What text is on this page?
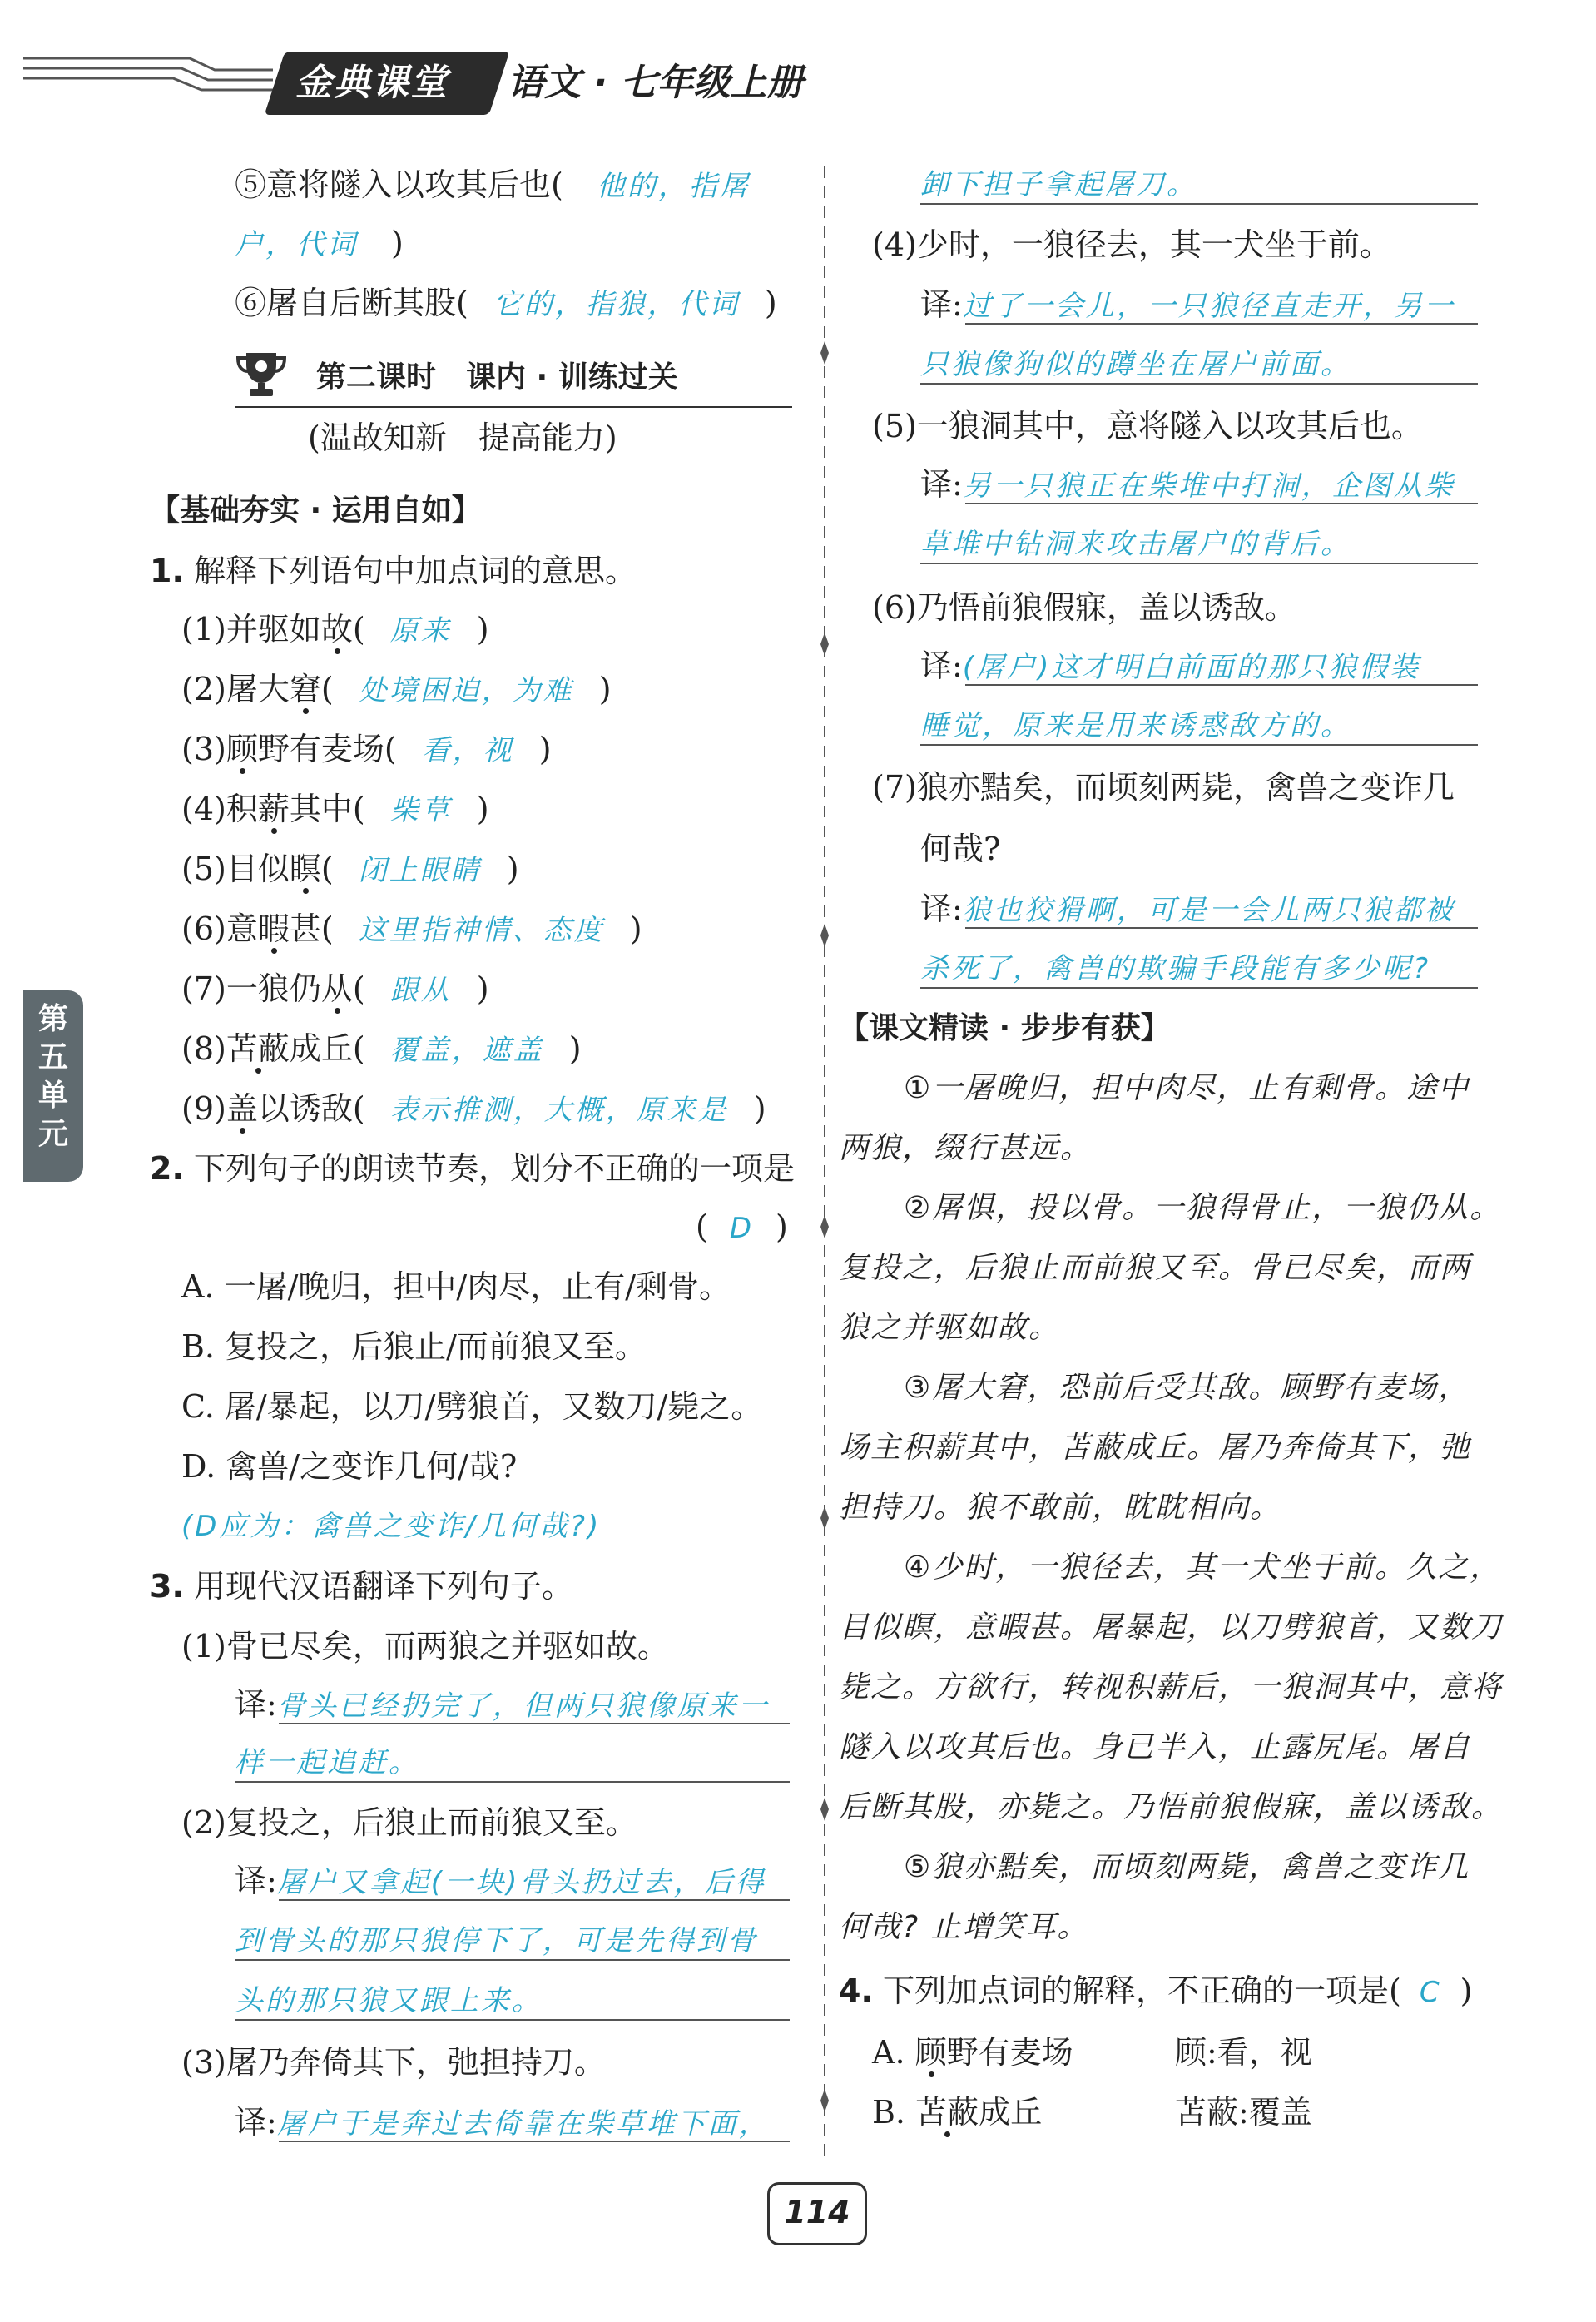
金典课堂	语文 · 七年级上册
第
五
单
元
⑤意将隧入以攻其后也( 他的，指屠
户，代词 )
⑥屠自后断其股( 它的，指狼，代词 )
第二课时　课内 · 训练过关
(温故知新　提高能力)
【基础夯实 · 运用自如】
1. 解释下列语句中加点词的意思。
(1)并驱如故( 原来 )
(2)屠大窘( 处境困迫，为难 )
(3)顾野有麦场( 看，视 )
(4)积薪其中( 柴草 )
(5)目似瞑( 闭上眼睛 )
(6)意暇甚( 这里指神情、态度 )
(7)一狼仍从( 跟从 )
(8)苫蔽成丘( 覆盖，遮盖 )
(9)盖以诱敌( 表示推测，大概，原来是 )
2. 下列句子的朗读节奏，划分不正确的一项是
( D )
A. 一屠/晚归，担中/肉尽，止有/剩骨。
B. 复投之，后狼止/而前狼又至。
C. 屠/暴起，以刀/劈狼首，又数刀/毙之。
D. 禽兽/之变诈几何/哉?
(D应为：禽兽之变诈/几何哉?)
3. 用现代汉语翻译下列句子。
(1)骨已尽矣，而两狼之并驱如故。
译:骨头已经扔完了，但两只狼像原来一
样一起追赶。
(2)复投之，后狼止而前狼又至。
译:屠户又拿起(一块)骨头扔过去，后得
到骨头的那只狼停下了，可是先得到骨
头的那只狼又跟上来。
(3)屠乃奔倚其下，弛担持刀。
译:屠户于是奔过去倚靠在柴草堆下面，
卸下担子拿起屠刀。
(4)少时，一狼径去，其一犬坐于前。
译:过了一会儿，一只狼径直走开，另一
只狼像狗似的蹲坐在屠户前面。
(5)一狼洞其中，意将隧入以攻其后也。
译:另一只狼正在柴堆中打洞，企图从柴
草堆中钻洞来攻击屠户的背后。
(6)乃悟前狼假寐，盖以诱敌。
译:(屠户)这才明白前面的那只狼假装
睡觉，原来是用来诱惑敌方的。
(7)狼亦黠矣，而顷刻两毙，禽兽之变诈几
何哉?
译:狼也狡猾啊，可是一会儿两只狼都被
杀死了，禽兽的欺骗手段能有多少呢?
【课文精读 · 步步有获】
①一屠晚归，担中肉尽，止有剩骨。途中
两狼，缀行甚远。
②屠惧，投以骨。一狼得骨止，一狼仍从。
复投之，后狼止而前狼又至。骨已尽矣，而两
狼之并驱如故。
③屠大窘，恐前后受其敌。顾野有麦场，
场主积薪其中，苫蔽成丘。屠乃奔倚其下，弛
担持刀。狼不敢前，眈眈相向。
④少时，一狼径去，其一犬坐于前。久之，
目似瞑，意暇甚。屠暴起，以刀劈狼首，又数刀
毙之。方欲行，转视积薪后，一狼洞其中，意将
隧入以攻其后也。身已半入，止露尻尾。屠自
后断其股，亦毙之。乃悟前狼假寐，盖以诱敌。
⑤狼亦黠矣，而顷刻两毙，禽兽之变诈几
何哉? 止增笑耳。
4. 下列加点词的解释，不正确的一项是( C )
A. 顾野有麦场	顾:看，视
B. 苫蔽成丘	苫蔽:覆盖
114
